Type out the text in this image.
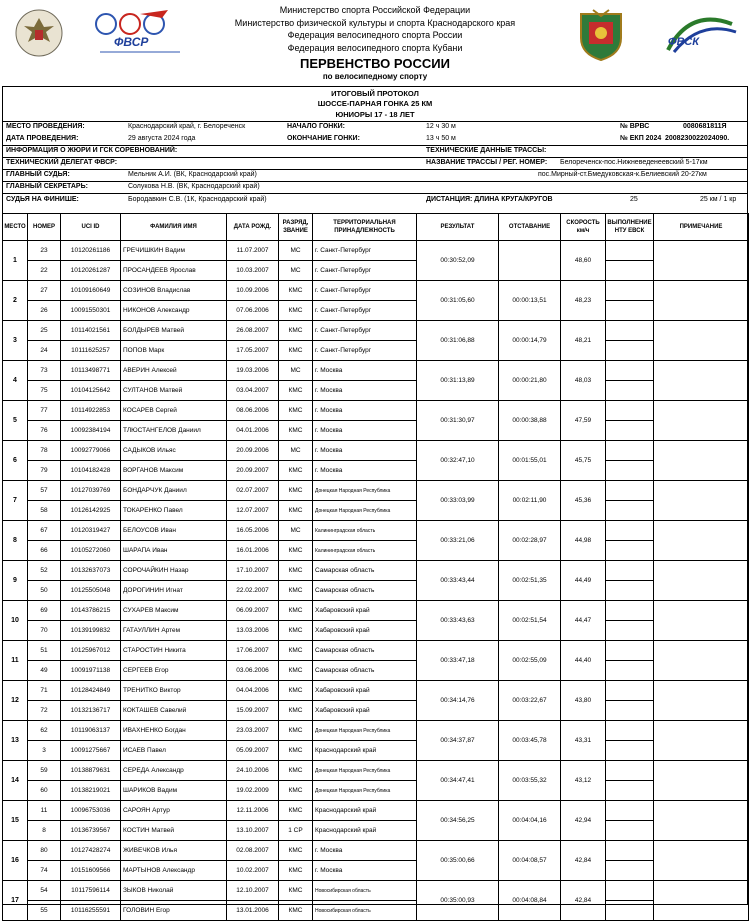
ФВСР	ФВСК
Министерство спорта Российской Федерации
Министерство физической культуры и спорта Краснодарского края
Федерация велосипедного спорта России
Федерация велосипедного спорта Кубани
ПЕРВЕНСТВО РОССИИ
по велосипедному спорту
ИТОГОВЫЙ ПРОТОКОЛ
ШОССЕ-ПАРНАЯ ГОНКА 25 КМ
ЮНИОРЫ 17 - 18 ЛЕТ
МЕСТО ПРОВЕДЕНИЯ:	Краснодарский край, г. Белореченск	НАЧАЛО ГОНКИ:	12 ч 30 м	№ ВРВС	0080681811Я
ДАТА ПРОВЕДЕНИЯ:	29 августа 2024 года	ОКОНЧАНИЕ ГОНКИ:	13 ч 50 м	№ ЕКП 2024 2008230022024090.
ИНФОРМАЦИЯ О ЖЮРИ И ГСК СОРЕВНОВАНИЙ:	ТЕХНИЧЕСКИЕ ДАННЫЕ ТРАССЫ:
ТЕХНИЧЕСКИЙ ДЕЛЕГАТ ФВСР:	НАЗВАНИЕ ТРАССЫ / РЕГ. НОМЕР: Белореченск-пос.Нижневеденеевский 5-17км
ГЛАВНЫЙ СУДЬЯ:	Мельник А.И. (ВК, Краснодарский край)	пос.Мирный-ст.Бмедуковская-к.Белиевский 20-27км
ГЛАВНЫЙ СЕКРЕТАРЬ:	Солукова Н.В. (ВК, Краснодарский край)
СУДЬЯ НА ФИНИШЕ:	Бородавкин С.В. (1К, Краснодарский край)	ДИСТАНЦИЯ: ДЛИНА КРУГА/КРУГОВ	25	25 км / 1 кр
МЕСТО	НОМЕР	UCI ID	ФАМИЛИЯ ИМЯ	ДАТА РОЖД.	РАЗРЯД, ЗВАНИЕ	ТЕРРИТОРИАЛЬНАЯ ПРИНАДЛЕЖНОСТЬ	РЕЗУЛЬТАТ	ОТСТАВАНИЕ	СКОРОСТЬ км/ч	ВЫПОЛНЕНИЕ НТУ ЕВСК	ПРИМЕЧАНИЕ
1	23	10120261186	ГРЕЧИШКИН Вадим	11.07.2007	МС	г. Санкт-Петербург	00:30:52,09		48,60		
	22	10120261287	ПРОСАНДЕЕВ Ярослав	10.03.2007	МС	г. Санкт-Петербург					
2	27	10109160649	СОЗИНОВ Владислав	10.09.2006	КМС	г. Санкт-Петербург	00:31:05,60	00:00:13,51	48,23		
	26	10091550301	НИКОНОВ Александр	07.06.2006	КМС	г. Санкт-Петербург					
3	25	10114021561	БОЛДЫРЕВ Матвей	26.08.2007	КМС	г. Санкт-Петербург	00:31:06,88	00:00:14,79	48,21		
	24	10111625257	ПОПОВ Марк	17.05.2007	КМС	г. Санкт-Петербург					
4	73	10113498771	АВЕРИН Алексей	19.03.2006	МС	г. Москва	00:31:13,89	00:00:21,80	48,03		
	75	10104125642	СУЛТАНОВ Матвей	03.04.2007	КМС	г. Москва					
5	77	10114922853	КОСАРЕВ Сергей	08.06.2006	КМС	г. Москва	00:31:30,97	00:00:38,88	47,59		
	76	10092384194	ТЛЮСТАНГЕЛОВ Даниил	04.01.2006	КМС	г. Москва					
6	78	10092779066	САДЫКОВ Ильяс	20.09.2006	МС	г. Москва	00:32:47,10	00:01:55,01	45,75		
	79	10104182428	ВОРГАНОВ Максим	20.09.2007	КМС	г. Москва					
7	57	10127039769	БОНДАРЧУК Даниил	02.07.2007	КМС	Донецкая Народная Республика	00:33:03,99	00:02:11,90	45,36		
	58	10126142925	ТОКАРЕНКО Павел	12.07.2007	КМС	Донецкая Народная Республика					
8	67	10120319427	БЕЛОУСОВ Иван	16.05.2006	МС	Калининградская область	00:33:21,06	00:02:28,97	44,98		
	66	10105272060	ШАРАПА Иван	16.01.2006	КМС	Калининградская область					
9	52	10132637073	СОРОЧАЙКИН Назар	17.10.2007	КМС	Самарская область	00:33:43,44	00:02:51,35	44,49		
	50	10125505048	ДОРОГИНИН Игнат	22.02.2007	КМС	Самарская область					
10	69	10143786215	СУХАРЕВ Максим	06.09.2007	КМС	Хабаровский край	00:33:43,63	00:02:51,54	44,47		
	70	10139199832	ГАТАУЛЛИН Артем	13.03.2006	КМС	Хабаровский край					
11	51	10125967012	СТАРОСТИН Никита	17.06.2007	КМС	Самарская область	00:33:47,18	00:02:55,09	44,40		
	49	10091971138	СЕРГЕЕВ Егор	03.06.2006	КМС	Самарская область					
12	71	10128424849	ТРЕНИТКО Виктор	04.04.2006	КМС	Хабаровский край	00:34:14,76	00:03:22,67	43,80		
	72	10132136717	КОКТАШЕВ Савелий	15.09.2007	КМС	Хабаровский край					
13	62	10119063137	ИВАХНЕНКО Богдан	23.03.2007	КМС	Донецкая Народная Республика	00:34:37,87	00:03:45,78	43,31		
	3	10091275667	ИСАЕВ Павел	05.09.2007	КМС	Краснодарский край					
14	59	10138879631	СЕРЕДА Александр	24.10.2006	КМС	Донецкая Народная Республика	00:34:47,41	00:03:55,32	43,12		
	60	10138219021	ШАРИКОВ Вадим	19.02.2009	КМС	Донецкая Народная Республика					
15	11	10096753036	САРОЯН Артур	12.11.2006	КМС	Краснодарский край	00:34:56,25	00:04:04,16	42,94		
	8	10136739567	КОСТИН Матвей	13.10.2007	1 СР	Краснодарский край					
16	80	10127428274	ЖИВЕЧКОВ Илья	02.08.2007	КМС	г. Москва	00:35:00,66	00:04:08,57	42,84		
	74	10151609566	МАРТЫНОВ Александр	10.02.2007	КМС	г. Москва					
17	54	10117596114	ЗЫКОВ Николай	12.10.2007	КМС	Новосибирская область	00:35:00,93	00:04:08,84	42,84		
	55	10116255591	ГОЛОВИН Егор	13.01.2006	КМС	Новосибирская область					
